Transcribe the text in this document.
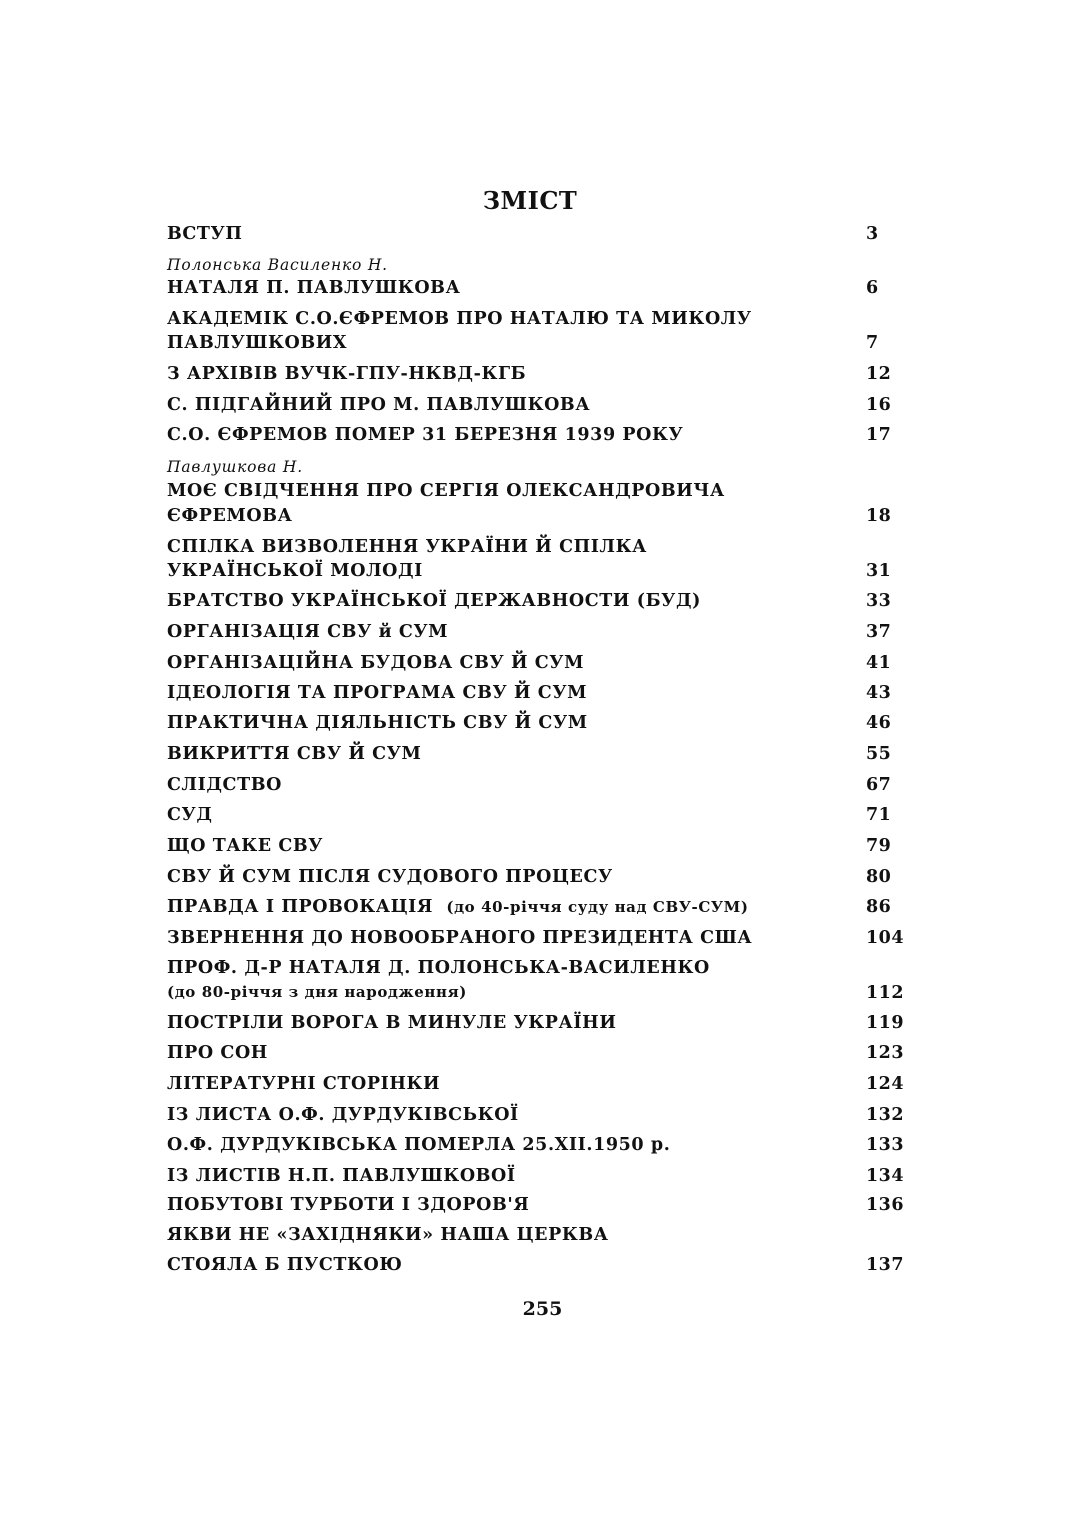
ЗМІСТ
ВСТУП	3
Полонська Василенко Н.
НАТАЛЯ П. ПАВЛУШКОВА	6
АКАДЕМІК С.О.ЄФРЕМОВ ПРО НАТАЛЮ ТА МИКОЛУ
ПАВЛУШКОВИХ	7
З АРХІВІВ ВУЧК-ГПУ-НКВД-КГБ	12
С. ПІДГАЙНИЙ ПРО М. ПАВЛУШКОВА	16
С.О. ЄФРЕМОВ ПОМЕР 31 БЕРЕЗНЯ 1939 РОКУ	17
Павлушкова Н.
МОЄ СВІДЧЕННЯ ПРО СЕРГІЯ ОЛЕКСАНДРОВИЧА
ЄФРЕМОВА	18
СПІЛКА ВИЗВОЛЕННЯ УКРАЇНИ Й СПІЛКА
УКРАЇНСЬКОЇ МОЛОДІ	31
БРАТСТВО УКРАЇНСЬКОЇ ДЕРЖАВНОСТИ (БУД)	33
ОРГАНІЗАЦІЯ СВУ й СУМ	37
ОРГАНІЗАЦІЙНА БУДОВА СВУ Й СУМ	41
ІДЕОЛОГІЯ ТА ПРОГРАМА СВУ Й СУМ	43
ПРАКТИЧНА ДІЯЛЬНІСТЬ СВУ Й СУМ	46
ВИКРИТТЯ СВУ Й СУМ	55
СЛІДСТВО	67
СУД	71
ЩО ТАКЕ СВУ	79
СВУ Й СУМ ПІСЛЯ СУДОВОГО ПРОЦЕСУ	80
ПРАВДА І ПРОВОКАЦІЯ (до 40-річчя суду над СВУ-СУМ)	86
ЗВЕРНЕННЯ ДО НОВООБРАНОГО ПРЕЗИДЕНТА США	104
ПРОФ. Д-Р НАТАЛЯ Д. ПОЛОНСЬКА-ВАСИЛЕНКО
(до 80-річчя з дня народження)	112
ПОСТРІЛИ ВОРОГА В МИНУЛЕ УКРАЇНИ	119
ПРО СОН	123
ЛІТЕРАТУРНІ СТОРІНКИ	124
ІЗ ЛИСТА О.Ф. ДУРДУКІВСЬКОЇ	132
О.Ф. ДУРДУКІВСЬКА ПОМЕРЛА 25.XII.1950 р.	133
ІЗ ЛИСТІВ Н.П. ПАВЛУШКОВОЇ	134
ПОБУТОВІ ТУРБОТИ І ЗДОРОВ'Я	136
ЯКВИ НЕ «ЗАХІДНЯКИ» НАША ЦЕРКВА
СТОЯЛА Б ПУСТКОЮ	137
255
